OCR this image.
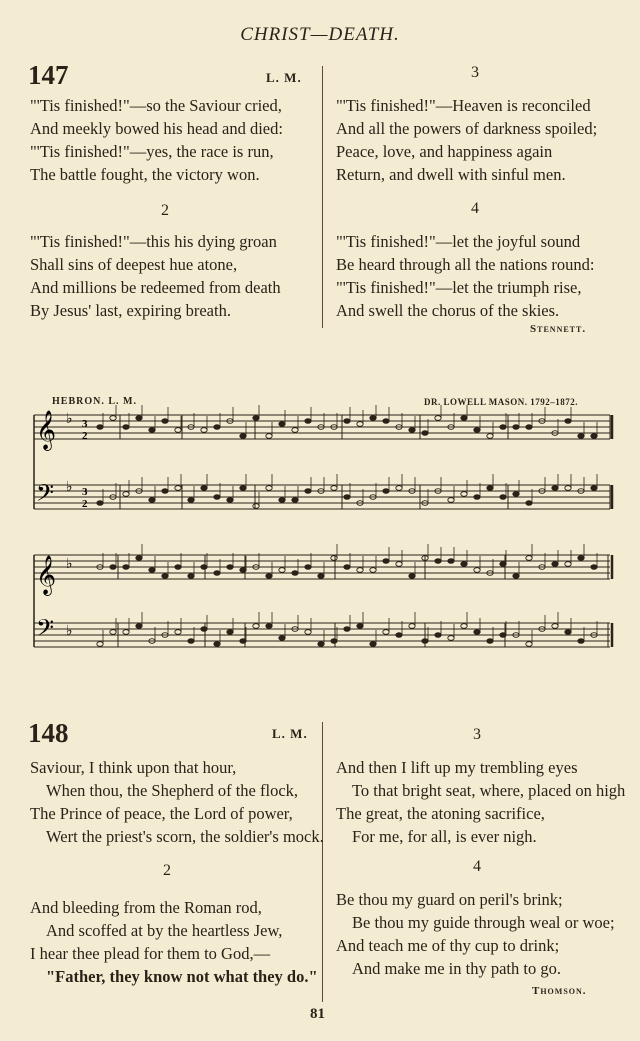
CHRIST—DEATH.
147	L. M.
"'Tis finished!"—so the Saviour cried,
And meekly bowed his head and died:
"'Tis finished!"—yes, the race is run,
The battle fought, the victory won.
2
"'Tis finished!"—this his dying groan
Shall sins of deepest hue atone,
And millions be redeemed from death
By Jesus' last, expiring breath.
3
"'Tis finished!"—Heaven is reconciled
And all the powers of darkness spoiled;
Peace, love, and happiness again
Return, and dwell with sinful men.
4
"'Tis finished!"—let the joyful sound
Be heard through all the nations round:
"'Tis finished!"—let the triumph rise,
And swell the chorus of the skies.
Stennett.
HEBRON. L. M.	DR. LOWELL MASON. 1792–1872.
𝄞
𝄢
𝄞
𝄢
♭
♭
♭
♭
3
2
3
2
148	L. M.
Saviour, I think upon that hour,
When thou, the Shepherd of the flock,
The Prince of peace, the Lord of power,
Wert the priest's scorn, the soldier's mock.
2
And bleeding from the Roman rod,
And scoffed at by the heartless Jew,
I hear thee plead for them to God,—
"Father, they know not what they do."
3
And then I lift up my trembling eyes
To that bright seat, where, placed on high
The great, the atoning sacrifice,
For me, for all, is ever nigh.
4
Be thou my guard on peril's brink;
Be thou my guide through weal or woe;
And teach me of thy cup to drink;
And make me in thy path to go.
Thomson.
81
